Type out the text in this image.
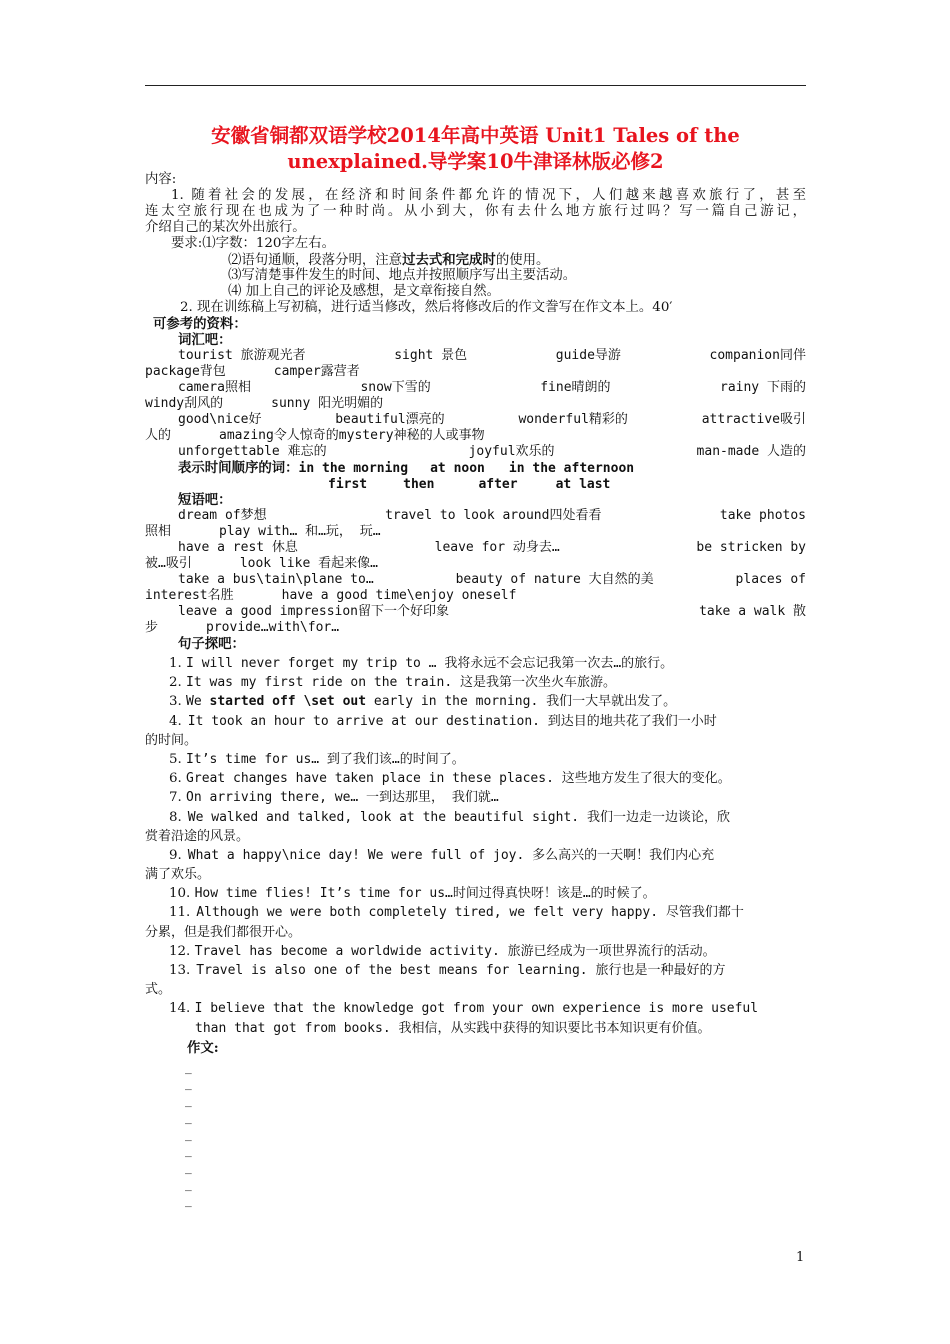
安徽省铜都双语学校2014年高中英语 Unit1 Tales of the
unexplained.导学案10牛津译林版必修2
内容:
1. 随着社会的发展，在经济和时间条件都允许的情况下，人们越来越喜欢旅行了，甚至
连太空旅行现在也成为了一种时尚。从小到大，你有去什么地方旅行过吗？写一篇自己游记，
介绍自己的某次外出旅行。
要求:⑴字数：120字左右。
⑵语句通顺，段落分明，注意过去式和完成时的使用。
⑶写清楚事件发生的时间、地点并按照顺序写出主要活动。
⑷ 加上自己的评论及感想，是文章衔接自然。
2. 现在训练稿上写初稿，进行适当修改，然后将修改后的作文誊写在作文本上。40′
可参考的资料：
词汇吧：
tourist 旅游观光者	sight 景色	guide导游	companion同伴
package背包	camper露营者
camera照相	snow下雪的	fine晴朗的	rainy 下雨的
windy刮风的	sunny 阳光明媚的
good\nice好	beautiful漂亮的	wonderful精彩的	attractive吸引
人的	amazing令人惊奇的mystery神秘的人或事物
unforgettable 难忘的	joyful欢乐的	man-made 人造的
表示时间顺序的词：in the morning at noon in the afternoon
first	then	after	at last
短语吧：
dream of梦想	travel to look around四处看看	take photos
照相	play with… 和…玩， 玩…
have a rest 休息	leave for 动身去…	be stricken by
被…吸引	look like 看起来像…
take a bus\tain\plane to…	beauty of nature 大自然的美	places of
interest名胜	have a good time\enjoy oneself
leave a good impression留下一个好印象	take a walk 散
步	provide…with\for…
句子探吧：
1. I will never forget my trip to … 我将永远不会忘记我第一次去…的旅行。
2. It was my first ride on the train. 这是我第一次坐火车旅游。
3. We started off \set out early in the morning. 我们一大早就出发了。
4. It took an hour to arrive at our destination. 到达目的地共花了我们一小时
的时间。
5. It’s time for us… 到了我们该…的时间了。
6. Great changes have taken place in these places. 这些地方发生了很大的变化。
7. On arriving there, we… 一到达那里， 我们就…
8. We walked and talked, look at the beautiful sight. 我们一边走一边谈论，欣
赏着沿途的风景。
9. What a happy\nice day! We were full of joy. 多么高兴的一天啊！我们内心充
满了欢乐。
10. How time flies! It’s time for us…时间过得真快呀！该是…的时候了。
11. Although we were both completely tired, we felt very happy. 尽管我们都十
分累，但是我们都很开心。
12. Travel has become a worldwide activity. 旅游已经成为一项世界流行的活动。
13. Travel is also one of the best means for learning. 旅行也是一种最好的方
式。
14. I believe that the knowledge got from your own experience is more useful
than that got from books. 我相信，从实践中获得的知识要比书本知识更有价值。
作文:
_
_
_
_
_
_
_
_
_
1
